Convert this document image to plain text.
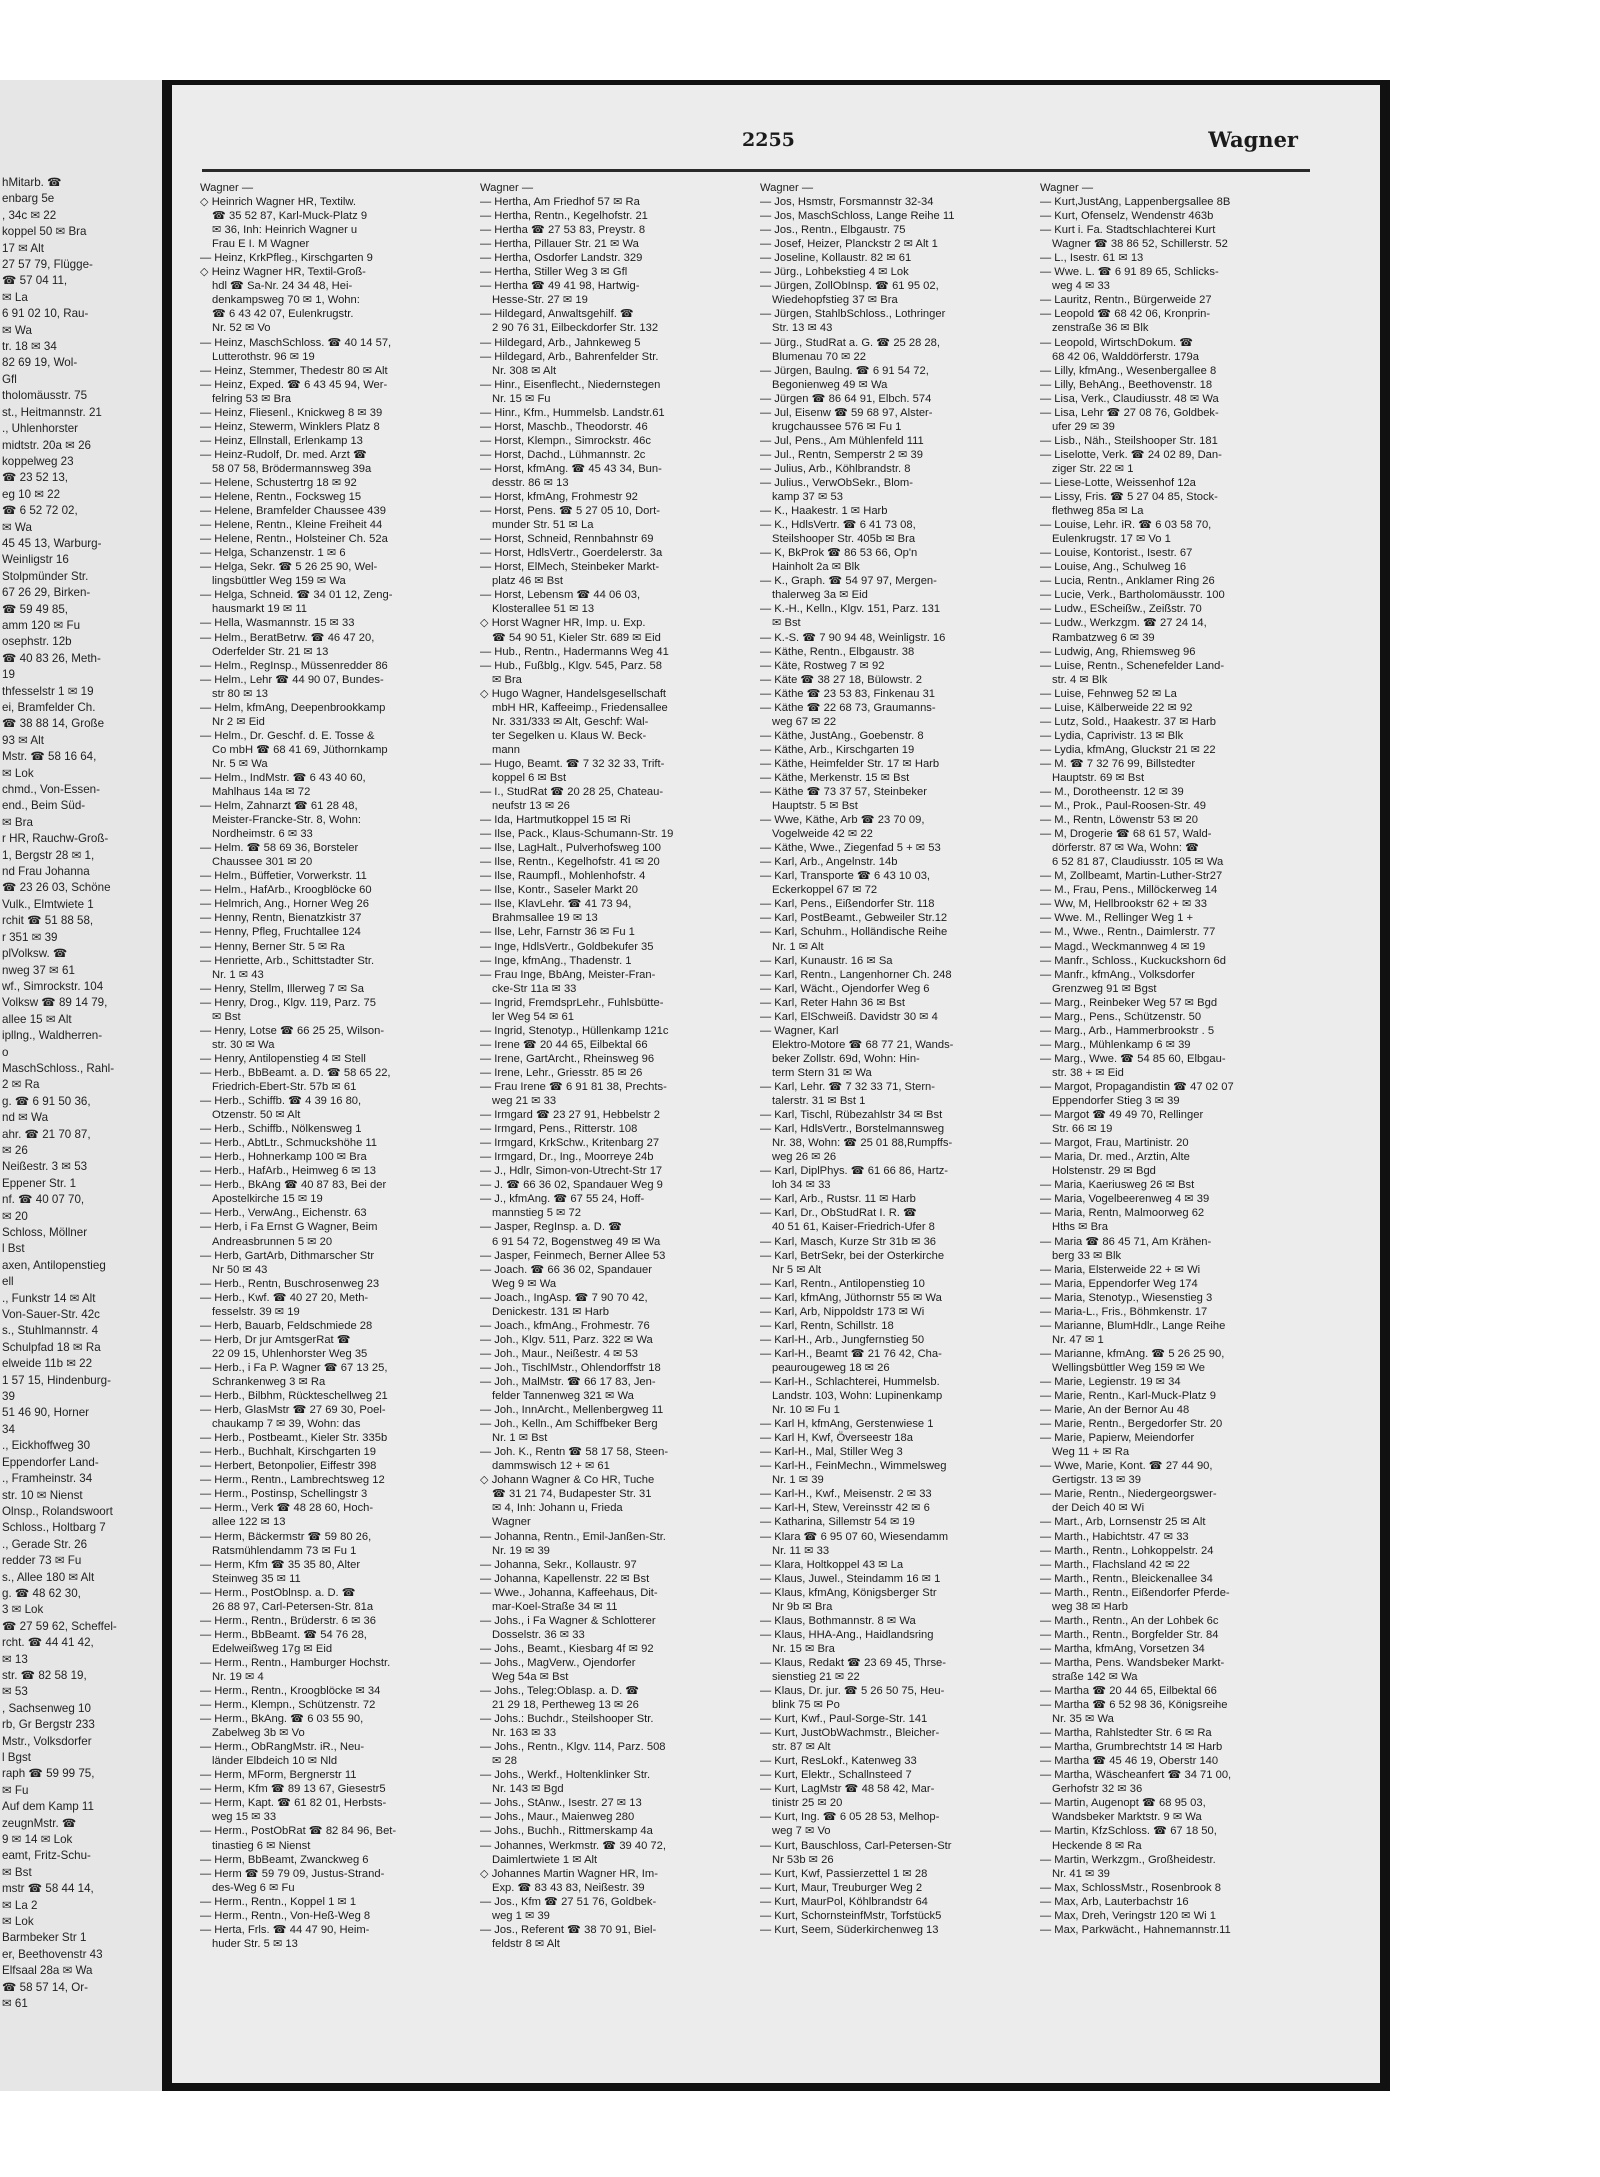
hMitarb. ☎
enbarg 5e
, 34c ✉ 22
koppel 50 ✉ Bra
17 ✉ Alt
27 57 79, Flügge-
☎ 57 04 11,
✉ La
6 91 02 10, Rau-
✉ Wa
tr. 18 ✉ 34
82 69 19, Wol-
Gfl
tholomäusstr. 75
st., Heitmannstr. 21
., Uhlenhorster
midtstr. 20a ✉ 26
koppelweg 23
☎ 23 52 13,
eg 10 ✉ 22
☎ 6 52 72 02,
✉ Wa
45 45 13, Warburg-
Weinligstr 16
Stolpmünder Str.
67 26 29, Birken-
☎ 59 49 85,
amm 120 ✉ Fu
osephstr. 12b
☎ 40 83 26, Meth-
19
thfesselstr 1 ✉ 19
ei, Bramfelder Ch.
☎ 38 88 14, Große
93 ✉ Alt
Mstr. ☎ 58 16 64,
✉ Lok
chmd., Von-Essen-
end., Beim Süd-
✉ Bra
r HR, Rauchw-Groß-
1, Bergstr 28 ✉ 1,
nd Frau Johanna
☎ 23 26 03, Schöne
Vulk., Elmtwiete 1
rchit ☎ 51 88 58,
r 351 ✉ 39
plVolksw. ☎
nweg 37 ✉ 61
wf., Simrockstr. 104
Volksw ☎ 89 14 79,
allee 15 ✉ Alt
ipllng., Waldherren-
o
MaschSchloss., Rahl-
2 ✉ Ra
g. ☎ 6 91 50 36,
nd ✉ Wa
ahr. ☎ 21 70 87,
✉ 26
Neißestr. 3 ✉ 53
Eppener Str. 1
nf. ☎ 40 07 70,
✉ 20
Schloss, Möllner
l Bst
axen, Antilopenstieg
ell
., Funkstr 14 ✉ Alt
Von-Sauer-Str. 42c
s., Stuhlmannstr. 4
Schulpfad 18 ✉ Ra
elweide 11b ✉ 22
1 57 15, Hindenburg-
39
51 46 90, Horner
34
., Eickhoffweg 30
Eppendorfer Land-
., Framheinstr. 34
str. 10 ✉ Nienst
Olnsp., Rolandswoort
Schloss., Holtbarg 7
., Gerade Str. 26
redder 73 ✉ Fu
s., Allee 180 ✉ Alt
g. ☎ 48 62 30,
3 ✉ Lok
☎ 27 59 62, Scheffel-
rcht. ☎ 44 41 42,
✉ 13
str. ☎ 82 58 19,
✉ 53
, Sachsenweg 10
rb, Gr Bergstr 233
Mstr., Volksdorfer
l Bgst
raph ☎ 59 99 75,
✉ Fu
Auf dem Kamp 11
zeugnMstr. ☎
9 ✉ 14 ✉ Lok
eamt, Fritz-Schu-
✉ Bst
mstr ☎ 58 44 14,
✉ La 2
✉ Lok
Barmbeker Str 1
er, Beethovenstr 43
Elfsaal 28a ✉ Wa
☎ 58 57 14, Or-
✉ 61
2255	Wagner
Wagner —
◇ Heinrich Wagner HR, Textilw.
☎ 35 52 87, Karl-Muck-Platz 9
✉ 36, Inh: Heinrich Wagner u
Frau E I. M Wagner
— Heinz, KrkPfleg., Kirschgarten 9
◇ Heinz Wagner HR, Textil-Groß-
hdl ☎ Sa-Nr. 24 34 48, Hei-
denkampsweg 70 ✉ 1, Wohn:
☎ 6 43 42 07, Eulenkrugstr.
Nr. 52 ✉ Vo
— Heinz, MaschSchloss. ☎ 40 14 57,
Lutterothstr. 96 ✉ 19
— Heinz, Stemmer, Thedestr 80 ✉ Alt
— Heinz, Exped. ☎ 6 43 45 94, Wer-
felring 53 ✉ Bra
— Heinz, Fliesenl., Knickweg 8 ✉ 39
— Heinz, Stewerm, Winklers Platz 8
— Heinz, Ellnstall, Erlenkamp 13
— Heinz-Rudolf, Dr. med. Arzt ☎
58 07 58, Brödermannsweg 39a
— Helene, Schustertrg 18 ✉ 92
— Helene, Rentn., Focksweg 15
— Helene, Bramfelder Chaussee 439
— Helene, Rentn., Kleine Freiheit 44
— Helene, Rentn., Holsteiner Ch. 52a
— Helga, Schanzenstr. 1 ✉ 6
— Helga, Sekr. ☎ 5 26 25 90, Wel-
lingsbüttler Weg 159 ✉ Wa
— Helga, Schneid. ☎ 34 01 12, Zeng-
hausmarkt 19 ✉ 11
— Hella, Wasmannstr. 15 ✉ 33
— Helm., BeratBetrw. ☎ 46 47 20,
Oderfelder Str. 21 ✉ 13
— Helm., RegInsp., Müssenredder 86
— Helm., Lehr ☎ 44 90 07, Bundes-
str 80 ✉ 13
— Helm, kfmAng, Deepenbrookkamp
Nr 2 ✉ Eid
— Helm., Dr. Geschf. d. E. Tosse &
Co mbH ☎ 68 41 69, Jüthornkamp
Nr. 5 ✉ Wa
— Helm., IndMstr. ☎ 6 43 40 60,
Mahlhaus 14a ✉ 72
— Helm, Zahnarzt ☎ 61 28 48,
Meister-Francke-Str. 8, Wohn:
Nordheimstr. 6 ✉ 33
— Helm. ☎ 58 69 36, Borsteler
Chaussee 301 ✉ 20
— Helm., Büffetier, Vorwerkstr. 11
— Helm., HafArb., Kroogblöcke 60
— Helmrich, Ang., Horner Weg 26
— Henny, Rentn, Bienatzkistr 37
— Henny, Pfleg, Fruchtallee 124
— Henny, Berner Str. 5 ✉ Ra
— Henriette, Arb., Schittstadter Str.
Nr. 1 ✉ 43
— Henry, Stellm, Illerweg 7 ✉ Sa
— Henry, Drog., Klgv. 119, Parz. 75
✉ Bst
— Henry, Lotse ☎ 66 25 25, Wilson-
str. 30 ✉ Wa
— Henry, Antilopenstieg 4 ✉ Stell
— Herb., BbBeamt. a. D. ☎ 58 65 22,
Friedrich-Ebert-Str. 57b ✉ 61
— Herb., Schiffb. ☎ 4 39 16 80,
Otzenstr. 50 ✉ Alt
— Herb., Schiffb., Nölkensweg 1
— Herb., AbtLtr., Schmuckshöhe 11
— Herb., Hohnerkamp 100 ✉ Bra
— Herb., HafArb., Heimweg 6 ✉ 13
— Herb., BkAng ☎ 40 87 83, Bei der
Apostelkirche 15 ✉ 19
— Herb., VerwAng., Eichenstr. 63
— Herb, i Fa Ernst G Wagner, Beim
Andreasbrunnen 5 ✉ 20
— Herb, GartArb, Dithmarscher Str
Nr 50 ✉ 43
— Herb., Rentn, Buschrosenweg 23
— Herb., Kwf. ☎ 40 27 20, Meth-
fesselstr. 39 ✉ 19
— Herb, Bauarb, Feldschmiede 28
— Herb, Dr jur AmtsgerRat ☎
22 09 15, Uhlenhorster Weg 35
— Herb., i Fa P. Wagner ☎ 67 13 25,
Schrankenweg 3 ✉ Ra
— Herb., Bilbhm, Rückteschellweg 21
— Herb, GlasMstr ☎ 27 69 30, Poel-
chaukamp 7 ✉ 39, Wohn: das
— Herb., Postbeamt., Kieler Str. 335b
— Herb., Buchhalt, Kirschgarten 19
— Herbert, Betonpolier, Eiffestr 398
— Herm., Rentn., Lambrechtsweg 12
— Herm., Postinsp, Schellingstr 3
— Herm., Verk ☎ 48 28 60, Hoch-
allee 122 ✉ 13
— Herm, Bäckermstr ☎ 59 80 26,
Ratsmühlendamm 73 ✉ Fu 1
— Herm, Kfm ☎ 35 35 80, Alter
Steinweg 35 ✉ 11
— Herm., PostOblnsp. a. D. ☎
26 88 97, Carl-Petersen-Str. 81a
— Herm., Rentn., Brüderstr. 6 ✉ 36
— Herm., BbBeamt. ☎ 54 76 28,
Edelweißweg 17g ✉ Eid
— Herm., Rentn., Hamburger Hochstr.
Nr. 19 ✉ 4
— Herm., Rentn., Kroogblöcke ✉ 34
— Herm., Klempn., Schützenstr. 72
— Herm., BkAng. ☎ 6 03 55 90,
Zabelweg 3b ✉ Vo
— Herm., ObRangMstr. iR., Neu-
länder Elbdeich 10 ✉ Nld
— Herm, MForm, Bergnerstr 11
— Herm, Kfm ☎ 89 13 67, Giesestr5
— Herm, Kapt. ☎ 61 82 01, Herbsts-
weg 15 ✉ 33
— Herm., PostObRat ☎ 82 84 96, Bet-
tinastieg 6 ✉ Nienst
— Herm, BbBeamt, Zwanckweg 6
— Herm ☎ 59 79 09, Justus-Strand-
des-Weg 6 ✉ Fu
— Herm., Rentn., Koppel 1 ✉ 1
— Herm., Rentn., Von-Heß-Weg 8
— Herta, Frls. ☎ 44 47 90, Heim-
huder Str. 5 ✉ 13
Wagner —
— Hertha, Am Friedhof 57 ✉ Ra
— Hertha, Rentn., Kegelhofstr. 21
— Hertha ☎ 27 53 83, Preystr. 8
— Hertha, Pillauer Str. 21 ✉ Wa
— Hertha, Osdorfer Landstr. 329
— Hertha, Stiller Weg 3 ✉ Gfl
— Hertha ☎ 49 41 98, Hartwig-
Hesse-Str. 27 ✉ 19
— Hildegard, Anwaltsgehilf. ☎
2 90 76 31, Eilbeckdorfer Str. 132
— Hildegard, Arb., Jahnkeweg 5
— Hildegard, Arb., Bahrenfelder Str.
Nr. 308 ✉ Alt
— Hinr., Eisenflecht., Niedernstegen
Nr. 15 ✉ Fu
— Hinr., Kfm., Hummelsb. Landstr.61
— Horst, Maschb., Theodorstr. 46
— Horst, Klempn., Simrockstr. 46c
— Horst, Dachd., Lühmannstr. 2c
— Horst, kfmAng. ☎ 45 43 34, Bun-
desstr. 86 ✉ 13
— Horst, kfmAng, Frohmestr 92
— Horst, Pens. ☎ 5 27 05 10, Dort-
munder Str. 51 ✉ La
— Horst, Schneid, Rennbahnstr 69
— Horst, HdlsVertr., Goerdelerstr. 3a
— Horst, ElMech, Steinbeker Markt-
platz 46 ✉ Bst
— Horst, Lebensm ☎ 44 06 03,
Klosterallee 51 ✉ 13
◇ Horst Wagner HR, Imp. u. Exp.
☎ 54 90 51, Kieler Str. 689 ✉ Eid
— Hub., Rentn., Hadermanns Weg 41
— Hub., Fußblg., Klgv. 545, Parz. 58
✉ Bra
◇ Hugo Wagner, Handelsgesellschaft
mbH HR, Kaffeeimp., Friedensallee
Nr. 331/333 ✉ Alt, Geschf: Wal-
ter Segelken u. Klaus W. Beck-
mann
— Hugo, Beamt. ☎ 7 32 32 33, Trift-
koppel 6 ✉ Bst
— I., StudRat ☎ 20 28 25, Chateau-
neufstr 13 ✉ 26
— Ida, Hartmutkoppel 15 ✉ Ri
— Ilse, Pack., Klaus-Schumann-Str. 19
— Ilse, LagHalt., Pulverhofsweg 100
— Ilse, Rentn., Kegelhofstr. 41 ✉ 20
— Ilse, Raumpfl., Mohlenhofstr. 4
— Ilse, Kontr., Saseler Markt 20
— Ilse, KlavLehr. ☎ 41 73 94,
Brahmsallee 19 ✉ 13
— Ilse, Lehr, Farnstr 36 ✉ Fu 1
— Inge, HdlsVertr., Goldbekufer 35
— Inge, kfmAng., Thadenstr. 1
— Frau Inge, BbAng, Meister-Fran-
cke-Str 11a ✉ 33
— Ingrid, FremdsprLehr., Fuhlsbütte-
ler Weg 54 ✉ 61
— Ingrid, Stenotyp., Hüllenkamp 121c
— Irene ☎ 20 44 65, Eilbektal 66
— Irene, GartArcht., Rheinsweg 96
— Irene, Lehr., Griesstr. 85 ✉ 26
— Frau Irene ☎ 6 91 81 38, Prechts-
weg 21 ✉ 33
— Irmgard ☎ 23 27 91, Hebbelstr 2
— Irmgard, Pens., Ritterstr. 108
— Irmgard, KrkSchw., Kritenbarg 27
— Irmgard, Dr., Ing., Moorreye 24b
— J., Hdlr, Simon-von-Utrecht-Str 17
— J. ☎ 66 36 02, Spandauer Weg 9
— J., kfmAng. ☎ 67 55 24, Hoff-
mannstieg 5 ✉ 72
— Jasper, RegInsp. a. D. ☎
6 91 54 72, Bogenstweg 49 ✉ Wa
— Jasper, Feinmech, Berner Allee 53
— Joach. ☎ 66 36 02, Spandauer
Weg 9 ✉ Wa
— Joach., IngAsp. ☎ 7 90 70 42,
Denickestr. 131 ✉ Harb
— Joach., kfmAng., Frohmestr. 76
— Joh., Klgv. 511, Parz. 322 ✉ Wa
— Joh., Maur., Neißestr. 4 ✉ 53
— Joh., TischlMstr., Ohlendorffstr 18
— Joh., MalMstr. ☎ 66 17 83, Jen-
felder Tannenweg 321 ✉ Wa
— Joh., InnArcht., Mellenbergweg 11
— Joh., Kelln., Am Schiffbeker Berg
Nr. 1 ✉ Bst
— Joh. K., Rentn ☎ 58 17 58, Steen-
dammswisch 12 + ✉ 61
◇ Johann Wagner & Co HR, Tuche
☎ 31 21 74, Budapester Str. 31
✉ 4, Inh: Johann u, Frieda
Wagner
— Johanna, Rentn., Emil-Janßen-Str.
Nr. 19 ✉ 39
— Johanna, Sekr., Kollaustr. 97
— Johanna, Kapellenstr. 22 ✉ Bst
— Wwe., Johanna, Kaffeehaus, Dit-
mar-Koel-Straße 34 ✉ 11
— Johs., i Fa Wagner & Schlotterer
Dosselstr. 36 ✉ 33
— Johs., Beamt., Kiesbarg 4f ✉ 92
— Johs., MagVerw., Ojendorfer
Weg 54a ✉ Bst
— Johs., Teleg:Oblasp. a. D. ☎
21 29 18, Pertheweg 13 ✉ 26
— Johs.: Buchdr., Steilshooper Str.
Nr. 163 ✉ 33
— Johs., Rentn., Klgv. 114, Parz. 508
✉ 28
— Johs., Werkf., Holtenklinker Str.
Nr. 143 ✉ Bgd
— Johs., StAnw., Isestr. 27 ✉ 13
— Johs., Maur., Maienweg 280
— Johs., Buchh., Rittmerskamp 4a
— Johannes, Werkmstr. ☎ 39 40 72,
Daimlertwiete 1 ✉ Alt
◇ Johannes Martin Wagner HR, Im-
Exp. ☎ 83 43 83, Neißestr. 39
— Jos., Kfm ☎ 27 51 76, Goldbek-
weg 1 ✉ 39
— Jos., Referent ☎ 38 70 91, Biel-
feldstr 8 ✉ Alt
Wagner —
— Jos, Hsmstr, Forsmannstr 32-34
— Jos, MaschSchloss, Lange Reihe 11
— Jos., Rentn., Elbgaustr. 75
— Josef, Heizer, Planckstr 2 ✉ Alt 1
— Joseline, Kollaustr. 82 ✉ 61
— Jürg., Lohbekstieg 4 ✉ Lok
— Jürgen, ZollObInsp. ☎ 61 95 02,
Wiedehopfstieg 37 ✉ Bra
— Jürgen, StahlbSchloss., Lothringer
Str. 13 ✉ 43
— Jürg., StudRat a. G. ☎ 25 28 28,
Blumenau 70 ✉ 22
— Jürgen, Baulng. ☎ 6 91 54 72,
Begonienweg 49 ✉ Wa
— Jürgen ☎ 86 64 91, Elbch. 574
— Jul, Eisenw ☎ 59 68 97, Alster-
krugchaussee 576 ✉ Fu 1
— Jul, Pens., Am Mühlenfeld 111
— Jul., Rentn, Semperstr 2 ✉ 39
— Julius, Arb., Köhlbrandstr. 8
— Julius., VerwObSekr., Blom-
kamp 37 ✉ 53
— K., Haakestr. 1 ✉ Harb
— K., HdlsVertr. ☎ 6 41 73 08,
Steilshooper Str. 405b ✉ Bra
— K, BkProk ☎ 86 53 66, Op'n
Hainholt 2a ✉ Blk
— K., Graph. ☎ 54 97 97, Mergen-
thalerweg 3a ✉ Eid
— K.-H., Kelln., Klgv. 151, Parz. 131
✉ Bst
— K.-S. ☎ 7 90 94 48, Weinligstr. 16
— Käthe, Rentn., Elbgaustr. 38
— Käte, Rostweg 7 ✉ 92
— Käte ☎ 38 27 18, Bülowstr. 2
— Käthe ☎ 23 53 83, Finkenau 31
— Käthe ☎ 22 68 73, Graumanns-
weg 67 ✉ 22
— Käthe, JustAng., Goebenstr. 8
— Käthe, Arb., Kirschgarten 19
— Käthe, Heimfelder Str. 17 ✉ Harb
— Käthe, Merkenstr. 15 ✉ Bst
— Käthe ☎ 73 37 57, Steinbeker
Hauptstr. 5 ✉ Bst
— Wwe, Käthe, Arb ☎ 23 70 09,
Vogelweide 42 ✉ 22
— Käthe, Wwe., Ziegenfad 5 + ✉ 53
— Karl, Arb., Angelnstr. 14b
— Karl, Transporte ☎ 6 43 10 03,
Eckerkoppel 67 ✉ 72
— Karl, Pens., Eißendorfer Str. 118
— Karl, PostBeamt., Gebweiler Str.12
— Karl, Schuhm., Holländische Reihe
Nr. 1 ✉ Alt
— Karl, Kunaustr. 16 ✉ Sa
— Karl, Rentn., Langenhorner Ch. 248
— Karl, Wächt., Ojendorfer Weg 6
— Karl, Reter Hahn 36 ✉ Bst
— Karl, ElSchweiß. Davidstr 30 ✉ 4
— Wagner, Karl
Elektro-Motore ☎ 68 77 21, Wands-
beker Zollstr. 69d, Wohn: Hin-
term Stern 31 ✉ Wa
— Karl, Lehr. ☎ 7 32 33 71, Stern-
talerstr. 31 ✉ Bst 1
— Karl, Tischl, Rübezahlstr 34 ✉ Bst
— Karl, HdlsVertr., Borstelmannsweg
Nr. 38, Wohn: ☎ 25 01 88,Rumpffs-
weg 26 ✉ 26
— Karl, DiplPhys. ☎ 61 66 86, Hartz-
loh 34 ✉ 33
— Karl, Arb., Rustsr. 11 ✉ Harb
— Karl, Dr., ObStudRat I. R. ☎
40 51 61, Kaiser-Friedrich-Ufer 8
— Karl, Masch, Kurze Str 31b ✉ 36
— Karl, BetrSekr, bei der Osterkirche
Nr 5 ✉ Alt
— Karl, Rentn., Antilopenstieg 10
— Karl, kfmAng, Jüthornstr 55 ✉ Wa
— Karl, Arb, Nippoldstr 173 ✉ Wi
— Karl, Rentn, Schillstr. 18
— Karl-H., Arb., Jungfernstieg 50
— Karl-H., Beamt ☎ 21 76 42, Cha-
peaurougeweg 18 ✉ 26
— Karl-H., Schlachterei, Hummelsb.
Landstr. 103, Wohn: Lupinenkamp
Nr. 10 ✉ Fu 1
— Karl H, kfmAng, Gerstenwiese 1
— Karl H, Kwf, Överseestr 18a
— Karl-H., Mal, Stiller Weg 3
— Karl-H., FeinMechn., Wimmelsweg
Nr. 1 ✉ 39
— Karl-H., Kwf., Meisenstr. 2 ✉ 33
— Karl-H, Stew, Vereinsstr 42 ✉ 6
— Katharina, Sillemstr 54 ✉ 19
— Klara ☎ 6 95 07 60, Wiesendamm
Nr. 11 ✉ 33
— Klara, Holtkoppel 43 ✉ La
— Klaus, Juwel., Steindamm 16 ✉ 1
— Klaus, kfmAng, Königsberger Str
Nr 9b ✉ Bra
— Klaus, Bothmannstr. 8 ✉ Wa
— Klaus, HHA-Ang., Haidlandsring
Nr. 15 ✉ Bra
— Klaus, Redakt ☎ 23 69 45, Thrse-
sienstieg 21 ✉ 22
— Klaus, Dr. jur. ☎ 5 26 50 75, Heu-
blink 75 ✉ Po
— Kurt, Kwf., Paul-Sorge-Str. 141
— Kurt, JustObWachmstr., Bleicher-
str. 87 ✉ Alt
— Kurt, ResLokf., Katenweg 33
— Kurt, Elektr., Schallnsteed 7
— Kurt, LagMstr ☎ 48 58 42, Mar-
tinistr 25 ✉ 20
— Kurt, Ing. ☎ 6 05 28 53, Melhop-
weg 7 ✉ Vo
— Kurt, Bauschloss, Carl-Petersen-Str
Nr 53b ✉ 26
— Kurt, Kwf, Passierzettel 1 ✉ 28
— Kurt, Maur, Treuburger Weg 2
— Kurt, MaurPol, Köhlbrandstr 64
— Kurt, SchornsteinfMstr, Torfstück5
— Kurt, Seem, Süderkirchenweg 13
Wagner —
— Kurt,JustAng, Lappenbergsallee 8B
— Kurt, Ofenselz, Wendenstr 463b
— Kurt i. Fa. Stadtschlachterei Kurt
Wagner ☎ 38 86 52, Schillerstr. 52
— L., Isestr. 61 ✉ 13
— Wwe. L. ☎ 6 91 89 65, Schlicks-
weg 4 ✉ 33
— Lauritz, Rentn., Bürgerweide 27
— Leopold ☎ 68 42 06, Kronprin-
zenstraße 36 ✉ Blk
— Leopold, WirtschDokum. ☎
68 42 06, Walddörferstr. 179a
— Lilly, kfmAng., Wesenbergallee 8
— Lilly, BehAng., Beethovenstr. 18
— Lisa, Verk., Claudiusstr. 48 ✉ Wa
— Lisa, Lehr ☎ 27 08 76, Goldbek-
ufer 29 ✉ 39
— Lisb., Näh., Steilshooper Str. 181
— Liselotte, Verk. ☎ 24 02 89, Dan-
ziger Str. 22 ✉ 1
— Liese-Lotte, Weissenhof 12a
— Lissy, Fris. ☎ 5 27 04 85, Stock-
flethweg 85a ✉ La
— Louise, Lehr. iR. ☎ 6 03 58 70,
Eulenkrugstr. 17 ✉ Vo 1
— Louise, Kontorist., Isestr. 67
— Louise, Ang., Schulweg 16
— Lucia, Rentn., Anklamer Ring 26
— Lucie, Verk., Bartholomäusstr. 100
— Ludw., EScheißw., Zeißstr. 70
— Ludw., Werkzgm. ☎ 27 24 14,
Rambatzweg 6 ✉ 39
— Ludwig, Ang, Rhiemsweg 96
— Luise, Rentn., Schenefelder Land-
str. 4 ✉ Blk
— Luise, Fehnweg 52 ✉ La
— Luise, Kälberweide 22 ✉ 92
— Lutz, Sold., Haakestr. 37 ✉ Harb
— Lydia, Caprivistr. 13 ✉ Blk
— Lydia, kfmAng, Gluckstr 21 ✉ 22
— M. ☎ 7 32 76 99, Billstedter
Hauptstr. 69 ✉ Bst
— M., Dorotheenstr. 12 ✉ 39
— M., Prok., Paul-Roosen-Str. 49
— M., Rentn, Löwenstr 53 ✉ 20
— M, Drogerie ☎ 68 61 57, Wald-
dörferstr. 87 ✉ Wa, Wohn: ☎
6 52 81 87, Claudiusstr. 105 ✉ Wa
— M, Zollbeamt, Martin-Luther-Str27
— M., Frau, Pens., Millöckerweg 14
— Ww, M, Hellbrookstr 62 + ✉ 33
— Wwe. M., Rellinger Weg 1 +
— M., Wwe., Rentn., Daimlerstr. 77
— Magd., Weckmannweg 4 ✉ 19
— Manfr., Schloss., Kuckuckshorn 6d
— Manfr., kfmAng., Volksdorfer
Grenzweg 91 ✉ Bgst
— Marg., Reinbeker Weg 57 ✉ Bgd
— Marg., Pens., Schützenstr. 50
— Marg., Arb., Hammerbrookstr . 5
— Marg., Mühlenkamp 6 ✉ 39
— Marg., Wwe. ☎ 54 85 60, Elbgau-
str. 38 + ✉ Eid
— Margot, Propagandistin ☎ 47 02 07
Eppendorfer Stieg 3 ✉ 39
— Margot ☎ 49 49 70, Rellinger
Str. 66 ✉ 19
— Margot, Frau, Martinistr. 20
— Maria, Dr. med., Arztin, Alte
Holstenstr. 29 ✉ Bgd
— Maria, Kaeriusweg 26 ✉ Bst
— Maria, Vogelbeerenweg 4 ✉ 39
— Maria, Rentn, Malmoorweg 62
Hths ✉ Bra
— Maria ☎ 86 45 71, Am Krähen-
berg 33 ✉ Blk
— Maria, Elsterweide 22 + ✉ Wi
— Maria, Eppendorfer Weg 174
— Maria, Stenotyp., Wiesenstieg 3
— Maria-L., Fris., Böhmkenstr. 17
— Marianne, BlumHdlr., Lange Reihe
Nr. 47 ✉ 1
— Marianne, kfmAng. ☎ 5 26 25 90,
Wellingsbüttler Weg 159 ✉ We
— Marie, Legienstr. 19 ✉ 34
— Marie, Rentn., Karl-Muck-Platz 9
— Marie, An der Bernor Au 48
— Marie, Rentn., Bergedorfer Str. 20
— Marie, Papierw, Meiendorfer
Weg 11 + ✉ Ra
— Wwe, Marie, Kont. ☎ 27 44 90,
Gertigstr. 13 ✉ 39
— Marie, Rentn., Niedergeorgswer-
der Deich 40 ✉ Wi
— Mart., Arb, Lornsenstr 25 ✉ Alt
— Marth., Habichtstr. 47 ✉ 33
— Marth., Rentn., Lohkoppelstr. 24
— Marth., Flachsland 42 ✉ 22
— Marth., Rentn., Bleickenallee 34
— Marth., Rentn., Eißendorfer Pferde-
weg 38 ✉ Harb
— Marth., Rentn., An der Lohbek 6c
— Marth., Rentn., Borgfelder Str. 84
— Martha, kfmAng, Vorsetzen 34
— Martha, Pens. Wandsbeker Markt-
straße 142 ✉ Wa
— Martha ☎ 20 44 65, Eilbektal 66
— Martha ☎ 6 52 98 36, Königsreihe
Nr. 35 ✉ Wa
— Martha, Rahlstedter Str. 6 ✉ Ra
— Martha, Grumbrechtstr 14 ✉ Harb
— Martha ☎ 45 46 19, Oberstr 140
— Martha, Wäscheanfert ☎ 34 71 00,
Gerhofstr 32 ✉ 36
— Martin, Augenopt ☎ 68 95 03,
Wandsbeker Marktstr. 9 ✉ Wa
— Martin, KfzSchloss. ☎ 67 18 50,
Heckende 8 ✉ Ra
— Martin, Werkzgm., Großheidestr.
Nr. 41 ✉ 39
— Max, SchlossMstr., Rosenbrook 8
— Max, Arb, Lauterbachstr 16
— Max, Dreh, Veringstr 120 ✉ Wi 1
— Max, Parkwächt., Hahnemannstr.11
